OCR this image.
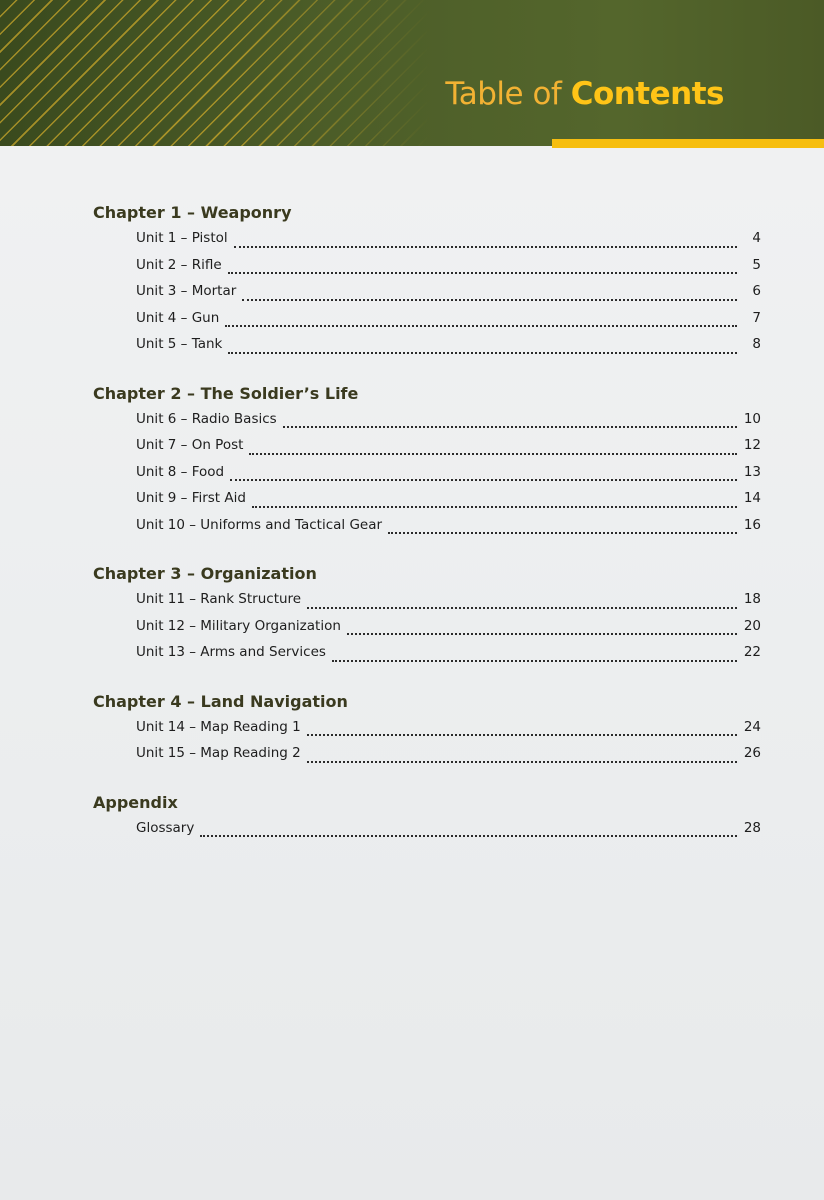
Table of Contents
Chapter 1 – Weaponry
Unit 1 – Pistol	4
Unit 2 – Rifle	5
Unit 3 – Mortar	6
Unit 4 – Gun	7
Unit 5 – Tank	8
Chapter 2 – The Soldier’s Life
Unit 6 – Radio Basics	10
Unit 7 – On Post	12
Unit 8 – Food	13
Unit 9 – First Aid	14
Unit 10 – Uniforms and Tactical Gear	16
Chapter 3 – Organization
Unit 11 – Rank Structure	18
Unit 12 – Military Organization	20
Unit 13 – Arms and Services	22
Chapter 4 – Land Navigation
Unit 14 – Map Reading 1	24
Unit 15 – Map Reading 2	26
Appendix
Glossary	28
